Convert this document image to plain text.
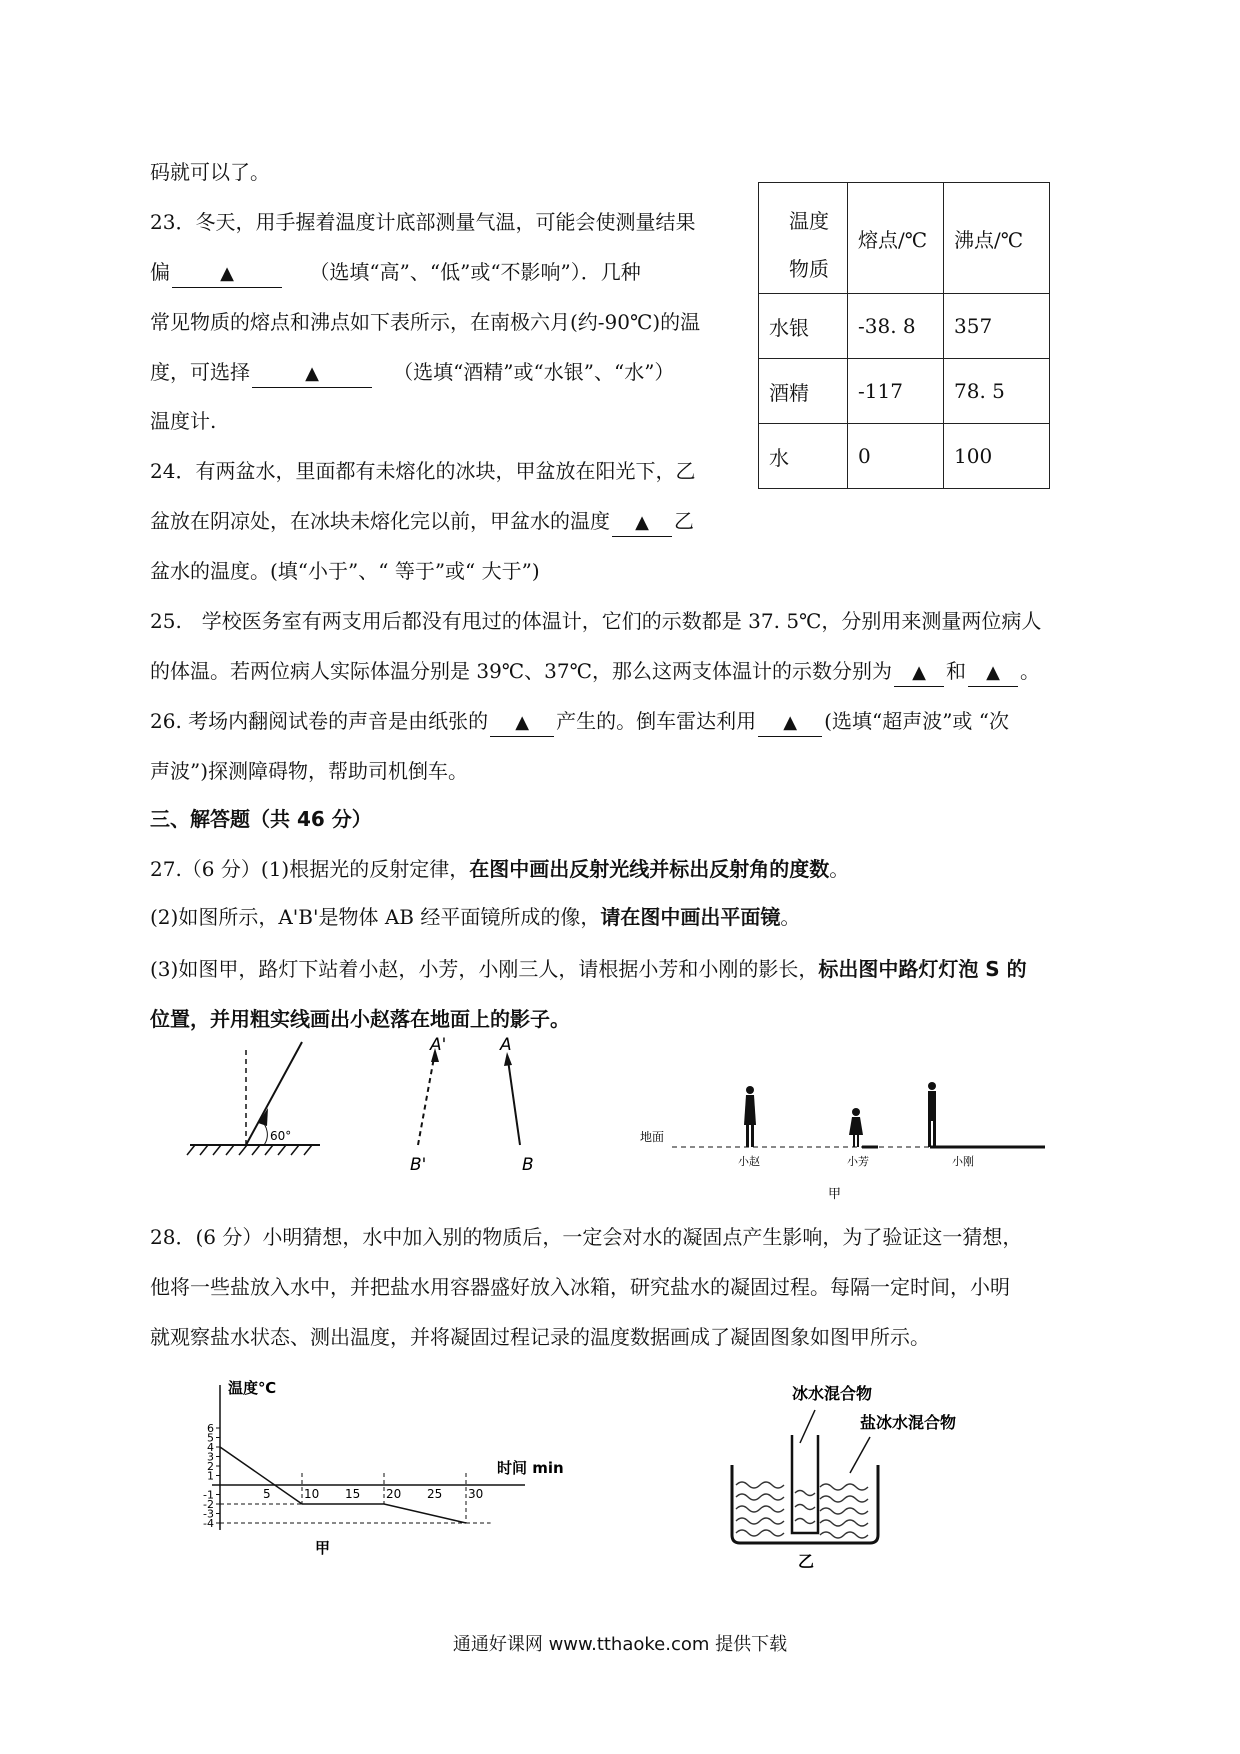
码就可以了。
23．冬天，用手握着温度计底部测量气温，可能会使测量结果
偏	▲	（选填“高”、“低”或“不影响”）．几种
常见物质的熔点和沸点如下表所示，在南极六月(约-90℃)的温
度，可选择	▲	（选填“酒精”或“水银”、“水”）
温度计.
24．有两盆水，里面都有未熔化的冰块，甲盆放在阳光下，乙
盆放在阴凉处，在冰块未熔化完以前，甲盆水的温度 ▲ 乙
盆水的温度。(填“小于”、“ 等于”或“ 大于”)
25.　学校医务室有两支用后都没有甩过的体温计，它们的示数都是 37. 5℃，分别用来测量两位病人
的体温。若两位病人实际体温分别是 39℃、37℃，那么这两支体温计的示数分别为 ▲ 和 ▲ 。
26. 考场内翻阅试卷的声音是由纸张的 ▲ 产生的。倒车雷达利用 ▲ (选填“超声波”或 “次
声波”)探测障碍物，帮助司机倒车。
三、解答题（共 46 分）
27.（6 分）(1)根据光的反射定律，在图中画出反射光线并标出反射角的度数。
(2)如图所示，A'B'是物体 AB 经平面镜所成的像，请在图中画出平面镜。
(3)如图甲，路灯下站着小赵，小芳，小刚三人，请根据小芳和小刚的影长，标出图中路灯灯泡 S 的
位置，并用粗实线画出小赵落在地面上的影子。
28．(6 分）小明猜想，水中加入别的物质后，一定会对水的凝固点产生影响，为了验证这一猜想，
他将一些盐放入水中，并把盐水用容器盛好放入冰箱，研究盐水的凝固过程。每隔一定时间，小明
就观察盐水状态、测出温度，并将凝固过程记录的温度数据画成了凝固图象如图甲所示。
温度
物质	熔点/℃	沸点/℃
水银	-38. 8	357
酒精	-117	78. 5
水	0	100
60°
A'
B'
A
B
地面
小赵	小芳	小刚
甲
温度℃
时间 min
6
5
4
3
2
1
-1
-2
-3
-4
5	10 15 20 25 30
甲
冰水混合物
盐冰水混合物
乙
通通好课网 www.tthaoke.com 提供下载
